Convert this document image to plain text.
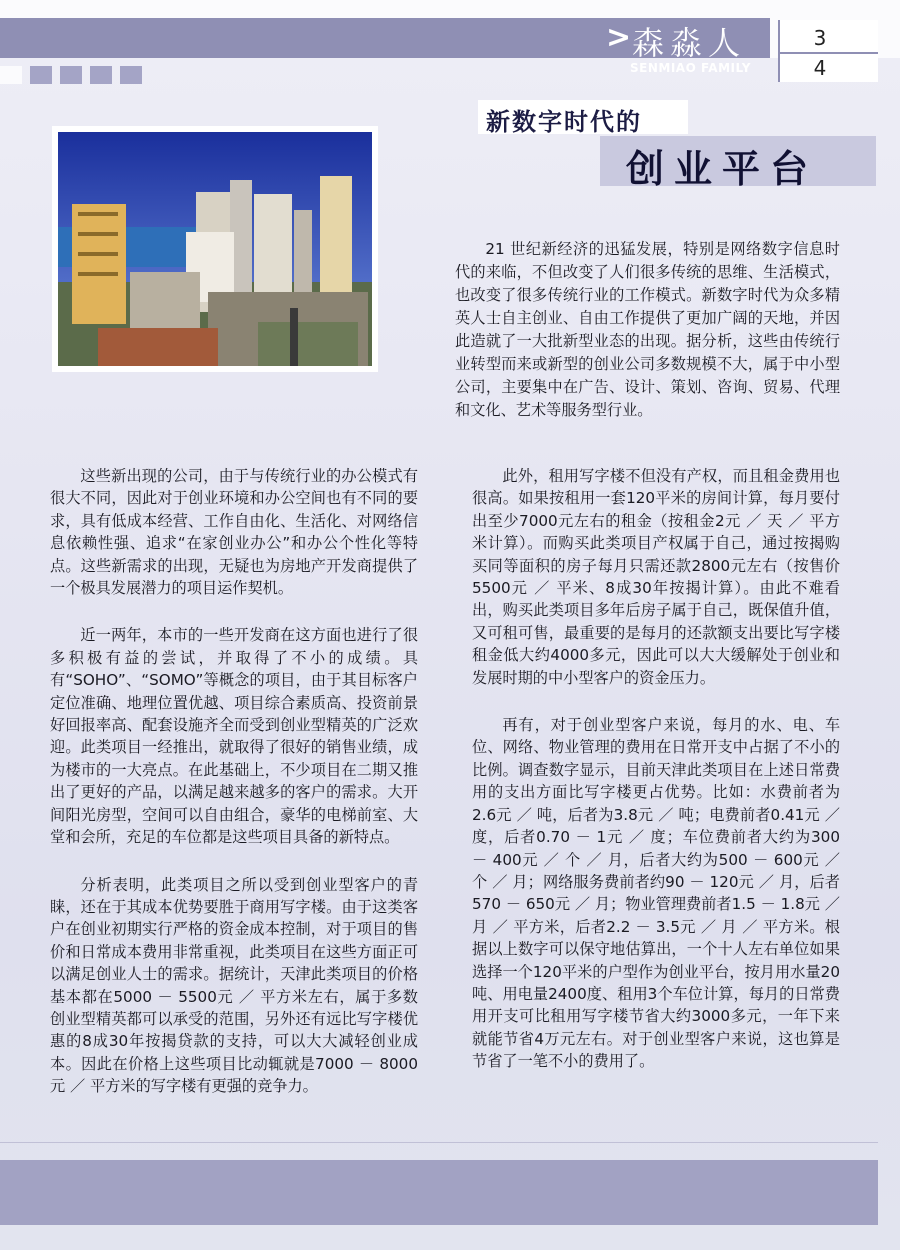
> 森淼人
SENMIAO FAMILY
3
4
新数字时代的
创业平台

21 世纪新经济的迅猛发展，特别是网络数字信息时代的来临，不但改变了人们很多传统的思维、生活模式，也改变了很多传统行业的工作模式。新数字时代为众多精英人士自主创业、自由工作提供了更加广阔的天地，并因此造就了一大批新型业态的出现。据分析，这些由传统行业转型而来或新型的创业公司多数规模不大，属于中小型公司，主要集中在广告、设计、策划、咨询、贸易、代理和文化、艺术等服务型行业。

这些新出现的公司，由于与传统行业的办公模式有很大不同，因此对于创业环境和办公空间也有不同的要求，具有低成本经营、工作自由化、生活化、对网络信息依赖性强、追求“在家创业办公”和办公个性化等特点。这些新需求的出现，无疑也为房地产开发商提供了一个极具发展潜力的项目运作契机。

近一两年，本市的一些开发商在这方面也进行了很多积极有益的尝试，并取得了不小的成绩。具有“SOHO”、“SOMO”等概念的项目，由于其目标客户定位准确、地理位置优越、项目综合素质高、投资前景好回报率高、配套设施齐全而受到创业型精英的广泛欢迎。此类项目一经推出，就取得了很好的销售业绩，成为楼市的一大亮点。在此基础上，不少项目在二期又推出了更好的产品，以满足越来越多的客户的需求。大开间阳光房型，空间可以自由组合，豪华的电梯前室、大堂和会所，充足的车位都是这些项目具备的新特点。

分析表明，此类项目之所以受到创业型客户的青睐，还在于其成本优势要胜于商用写字楼。由于这类客户在创业初期实行严格的资金成本控制，对于项目的售价和日常成本费用非常重视，此类项目在这些方面正可以满足创业人士的需求。据统计，天津此类项目的价格基本都在5000 － 5500元 ／ 平方米左右，属于多数创业型精英都可以承受的范围，另外还有远比写字楼优惠的8成30年按揭贷款的支持，可以大大减轻创业成本。因此在价格上这些项目比动辄就是7000 － 8000元 ／ 平方米的写字楼有更强的竞争力。

此外，租用写字楼不但没有产权，而且租金费用也很高。如果按租用一套120平米的房间计算，每月要付出至少7000元左右的租金（按租金2元 ／ 天 ／ 平方米计算）。而购买此类项目产权属于自己，通过按揭购买同等面积的房子每月只需还款2800元左右（按售价5500元 ／ 平米、8成30年按揭计算）。由此不难看出，购买此类项目多年后房子属于自己，既保值升值，又可租可售，最重要的是每月的还款额支出要比写字楼租金低大约4000多元，因此可以大大缓解处于创业和发展时期的中小型客户的资金压力。

再有，对于创业型客户来说，每月的水、电、车位、网络、物业管理的费用在日常开支中占据了不小的比例。调查数字显示，目前天津此类项目在上述日常费用的支出方面比写字楼更占优势。比如：水费前者为2.6元 ／ 吨，后者为3.8元 ／ 吨；电费前者0.41元 ／ 度，后者0.70 － 1元 ／ 度；车位费前者大约为300 － 400元 ／ 个 ／ 月，后者大约为500 － 600元 ／ 个 ／ 月；网络服务费前者约90 － 120元 ／ 月，后者570 － 650元 ／ 月；物业管理费前者1.5 － 1.8元 ／ 月 ／ 平方米，后者2.2 － 3.5元 ／ 月 ／ 平方米。根据以上数字可以保守地估算出，一个十人左右单位如果选择一个120平米的户型作为创业平台，按月用水量20吨、用电量2400度、租用3个车位计算，每月的日常费用开支可比租用写字楼节省大约3000多元，一年下来就能节省4万元左右。对于创业型客户来说，这也算是节省了一笔不小的费用了。
